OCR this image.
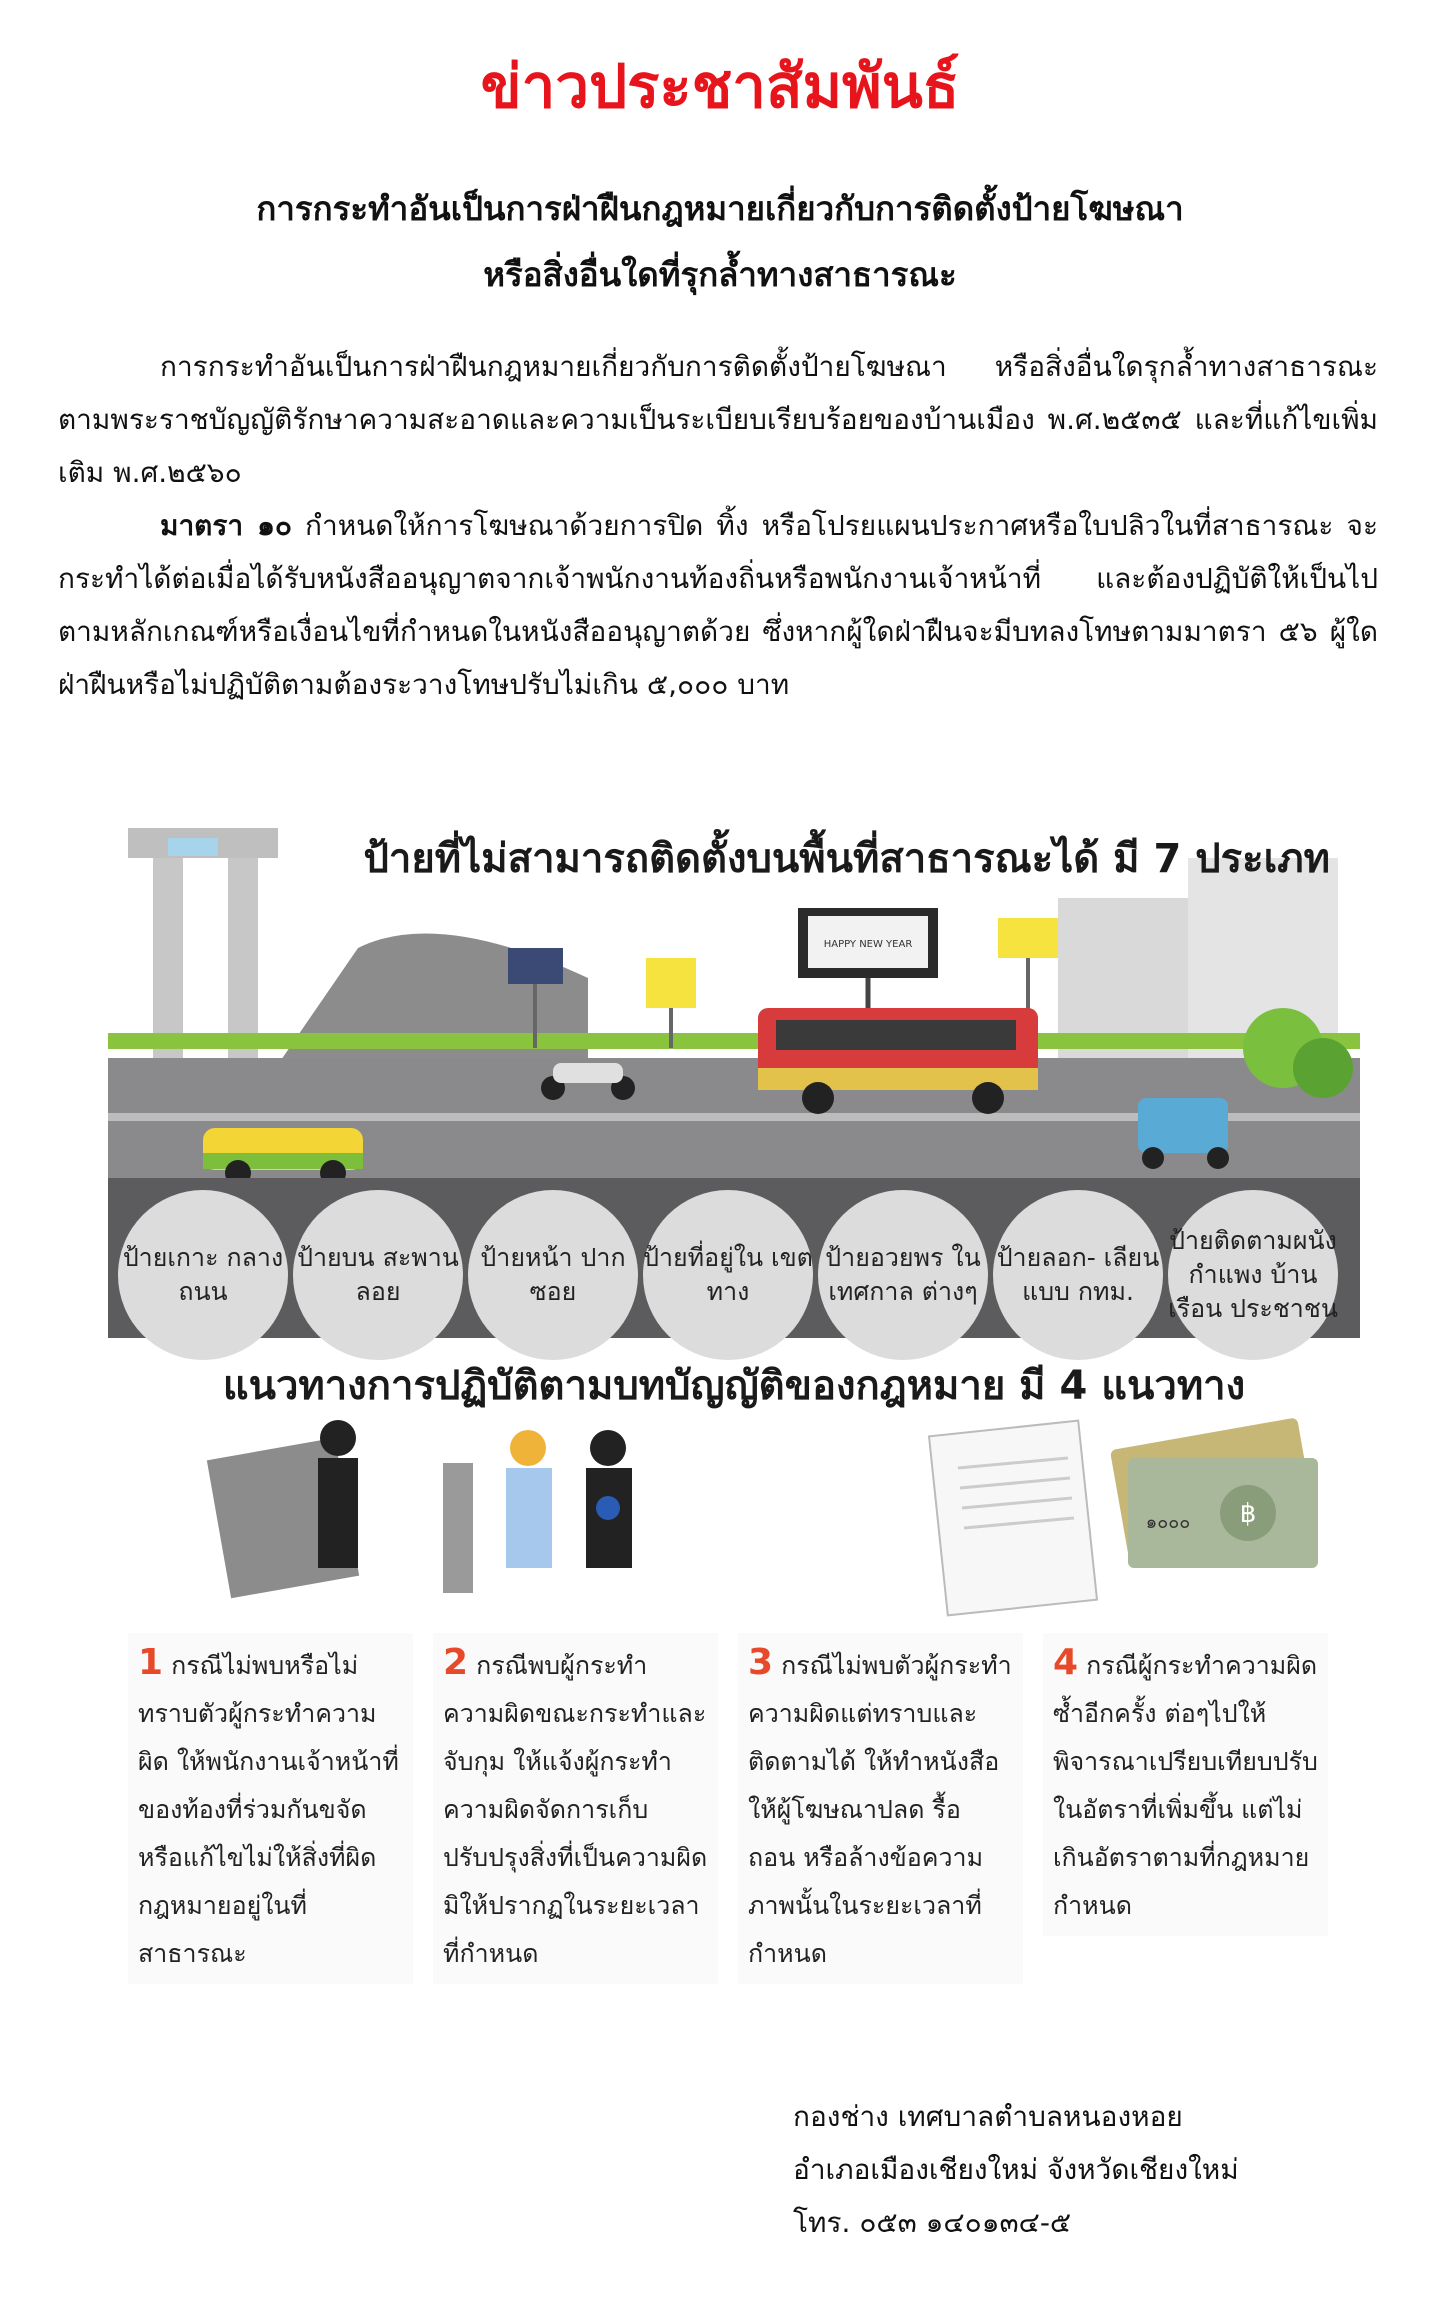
ข่าวประชาสัมพันธ์
การกระทำอันเป็นการฝ่าฝืนกฎหมายเกี่ยวกับการติดตั้งป้ายโฆษณา
หรือสิ่งอื่นใดที่รุกล้ำทางสาธารณะ

การกระทำอันเป็นการฝ่าฝืนกฎหมายเกี่ยวกับการติดตั้งป้ายโฆษณา หรือสิ่งอื่นใดรุกล้ำทางสาธารณะ ตามพระราชบัญญัติรักษาความสะอาดและความเป็นระเบียบเรียบร้อยของบ้านเมือง พ.ศ.๒๕๓๕ และที่แก้ไขเพิ่มเติม พ.ศ.๒๕๖๐

มาตรา ๑๐ กำหนดให้การโฆษณาด้วยการปิด ทิ้ง หรือโปรยแผนประกาศหรือใบปลิวในที่สาธารณะ จะกระทำได้ต่อเมื่อได้รับหนังสืออนุญาตจากเจ้าพนักงานท้องถิ่นหรือพนักงานเจ้าหน้าที่ และต้องปฏิบัติให้เป็นไปตามหลักเกณฑ์หรือเงื่อนไขที่กำหนดในหนังสืออนุญาตด้วย ซึ่งหากผู้ใดฝ่าฝืนจะมีบทลงโทษตามมาตรา ๕๖ ผู้ใดฝ่าฝืนหรือไม่ปฏิบัติตามต้องระวางโทษปรับไม่เกิน ๕,๐๐๐ บาท

HAPPY NEW YEAR
฿
๑๐๐๐
ป้ายที่ไม่สามารถติดตั้งบนพื้นที่สาธารณะได้ มี 7 ประเภท
ป้ายเกาะ กลางถนน
ป้ายบน สะพานลอย
ป้ายหน้า ปากซอย
ป้ายที่อยู่ใน เขตทาง
ป้ายอวยพร ในเทศกาล ต่างๆ
ป้ายลอก- เลียนแบบ กทม.
ป้ายติดตามผนัง กำแพง บ้านเรือน ประชาชน
แนวทางการปฏิบัติตามบทบัญญัติของกฎหมาย มี 4 แนวทาง
1 กรณีไม่พบหรือไม่ทราบตัวผู้กระทำความผิด ให้พนักงานเจ้าหน้าที่ของท้องที่ร่วมกันขจัดหรือแก้ไขไม่ให้สิ่งที่ผิดกฎหมายอยู่ในที่สาธารณะ
2 กรณีพบผู้กระทำความผิดขณะกระทำและจับกุม ให้แจ้งผู้กระทำความผิดจัดการเก็บ ปรับปรุงสิ่งที่เป็นความผิดมิให้ปรากฏในระยะเวลาที่กำหนด
3 กรณีไม่พบตัวผู้กระทำความผิดแต่ทราบและติดตามได้ ให้ทำหนังสือให้ผู้โฆษณาปลด รื้อ ถอน หรือล้างข้อความ ภาพนั้นในระยะเวลาที่กำหนด
4 กรณีผู้กระทำความผิดซ้ำอีกครั้ง ต่อๆไปให้พิจารณาเปรียบเทียบปรับในอัตราที่เพิ่มขึ้น แต่ไม่เกินอัตราตามที่กฎหมายกำหนด
กองช่าง เทศบาลตำบลหนองหอย
อำเภอเมืองเชียงใหม่ จังหวัดเชียงใหม่
โทร. ๐๕๓ ๑๔๐๑๓๔-๕
